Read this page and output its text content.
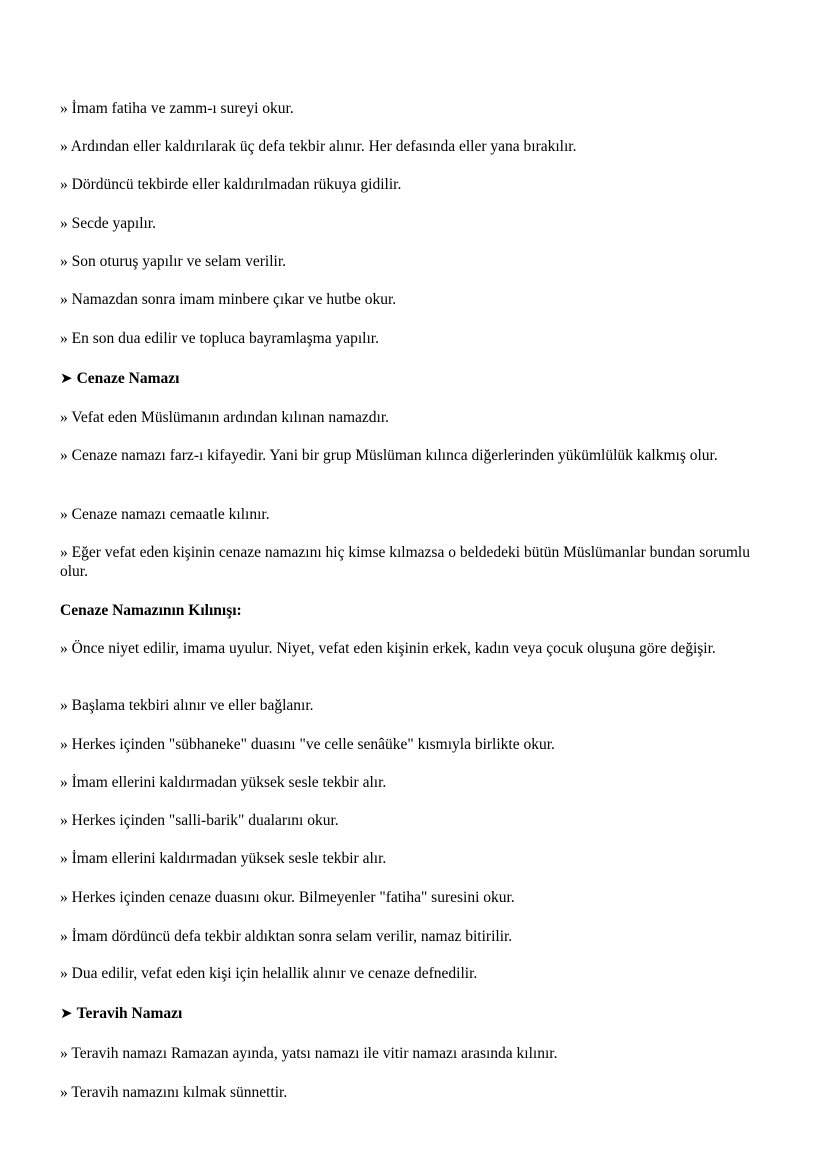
» İmam fatiha ve zamm-ı sureyi okur.
» Ardından eller kaldırılarak üç defa tekbir alınır. Her defasında eller yana bırakılır.
» Dördüncü tekbirde eller kaldırılmadan rükuya gidilir.
» Secde yapılır.
» Son oturuş yapılır ve selam verilir.
» Namazdan sonra imam minbere çıkar ve hutbe okur.
» En son dua edilir ve topluca bayramlaşma yapılır.
➤ Cenaze Namazı
» Vefat eden Müslümanın ardından kılınan namazdır.
» Cenaze namazı farz-ı kifayedir. Yani bir grup Müslüman kılınca diğerlerinden yükümlülük kalkmış olur.
» Cenaze namazı cemaatle kılınır.
» Eğer vefat eden kişinin cenaze namazını hiç kimse kılmazsa o beldedeki bütün Müslümanlar bundan sorumlu olur.
Cenaze Namazının Kılınışı:
» Önce niyet edilir, imama uyulur. Niyet, vefat eden kişinin erkek, kadın veya çocuk oluşuna göre değişir.
» Başlama tekbiri alınır ve eller bağlanır.
» Herkes içinden "sübhaneke" duasını "ve celle senâüke" kısmıyla birlikte okur.
» İmam ellerini kaldırmadan yüksek sesle tekbir alır.
» Herkes içinden "salli-barik" dualarını okur.
» İmam ellerini kaldırmadan yüksek sesle tekbir alır.
» Herkes içinden cenaze duasını okur. Bilmeyenler "fatiha" suresini okur.
» İmam dördüncü defa tekbir aldıktan sonra selam verilir, namaz bitirilir.
» Dua edilir, vefat eden kişi için helallik alınır ve cenaze defnedilir.
➤ Teravih Namazı
» Teravih namazı Ramazan ayında, yatsı namazı ile vitir namazı arasında kılınır.
» Teravih namazını kılmak sünnettir.
